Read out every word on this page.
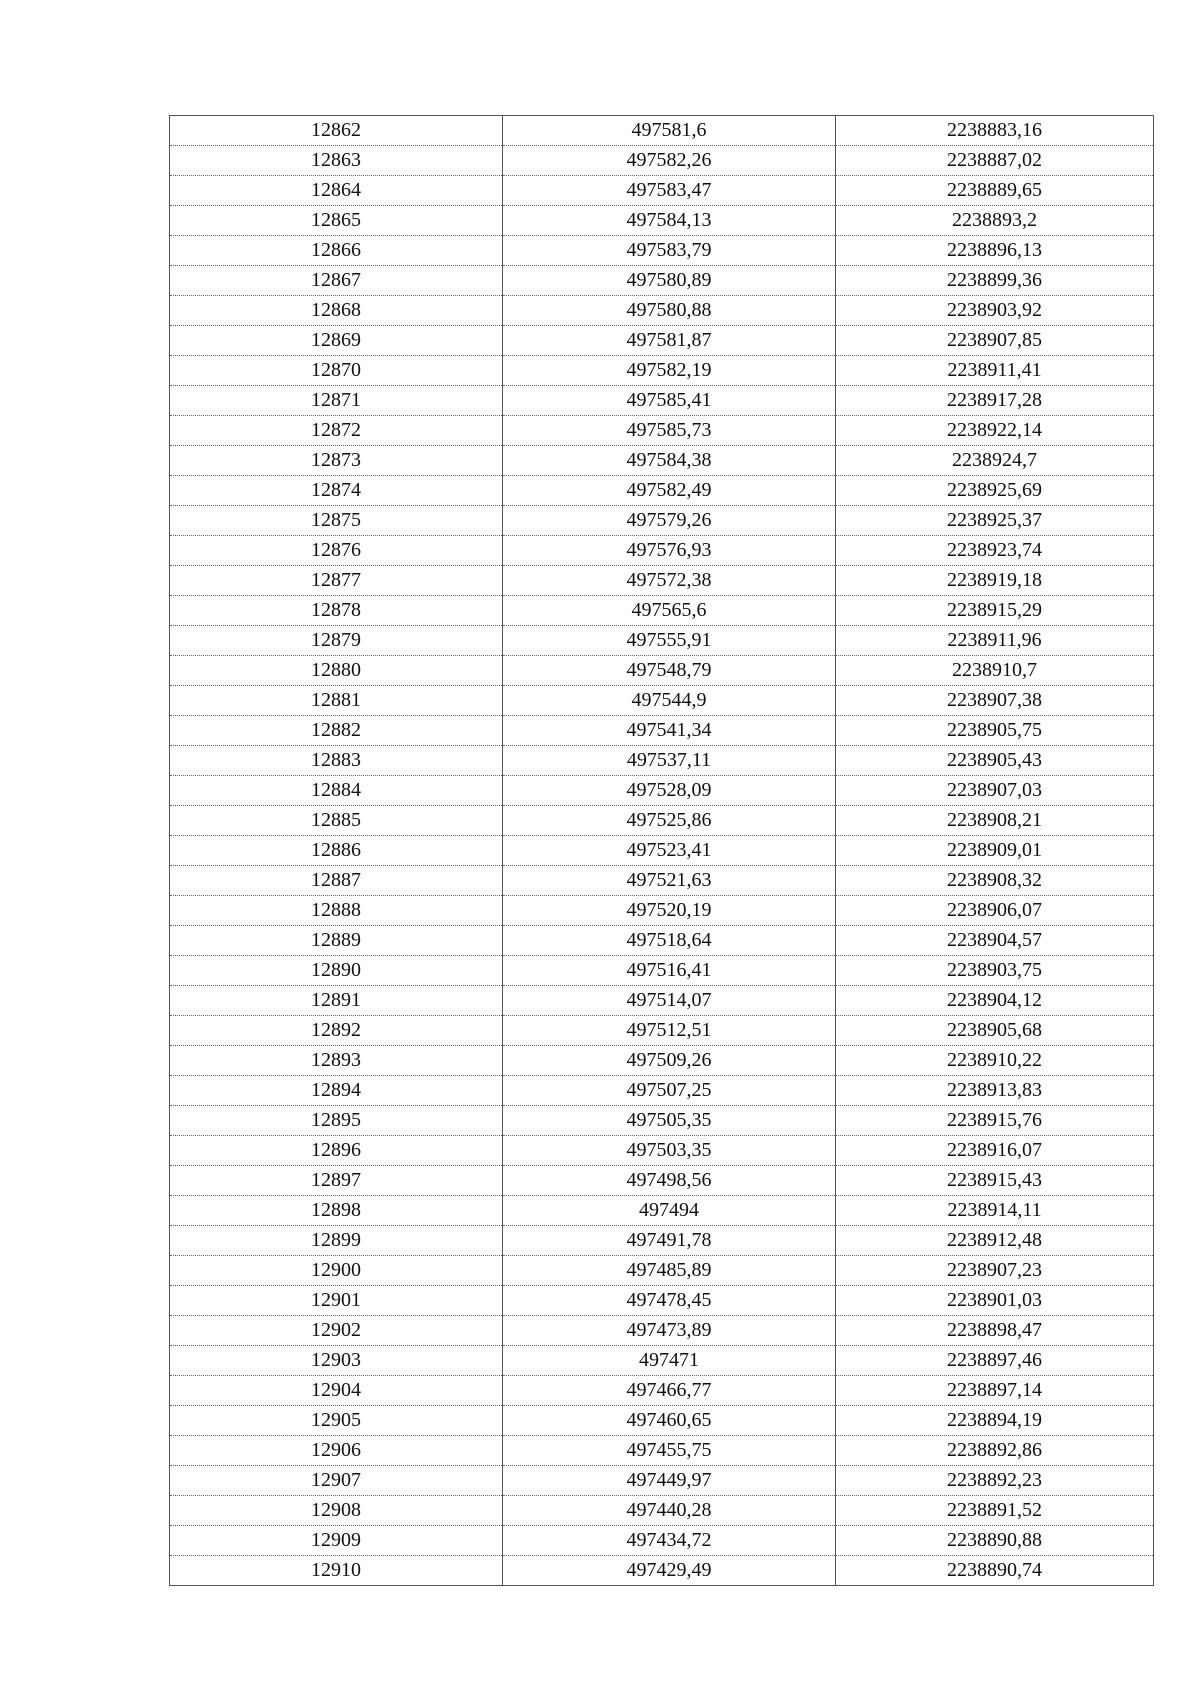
12862	497581,6	2238883,16
12863	497582,26	2238887,02
12864	497583,47	2238889,65
12865	497584,13	2238893,2
12866	497583,79	2238896,13
12867	497580,89	2238899,36
12868	497580,88	2238903,92
12869	497581,87	2238907,85
12870	497582,19	2238911,41
12871	497585,41	2238917,28
12872	497585,73	2238922,14
12873	497584,38	2238924,7
12874	497582,49	2238925,69
12875	497579,26	2238925,37
12876	497576,93	2238923,74
12877	497572,38	2238919,18
12878	497565,6	2238915,29
12879	497555,91	2238911,96
12880	497548,79	2238910,7
12881	497544,9	2238907,38
12882	497541,34	2238905,75
12883	497537,11	2238905,43
12884	497528,09	2238907,03
12885	497525,86	2238908,21
12886	497523,41	2238909,01
12887	497521,63	2238908,32
12888	497520,19	2238906,07
12889	497518,64	2238904,57
12890	497516,41	2238903,75
12891	497514,07	2238904,12
12892	497512,51	2238905,68
12893	497509,26	2238910,22
12894	497507,25	2238913,83
12895	497505,35	2238915,76
12896	497503,35	2238916,07
12897	497498,56	2238915,43
12898	497494	2238914,11
12899	497491,78	2238912,48
12900	497485,89	2238907,23
12901	497478,45	2238901,03
12902	497473,89	2238898,47
12903	497471	2238897,46
12904	497466,77	2238897,14
12905	497460,65	2238894,19
12906	497455,75	2238892,86
12907	497449,97	2238892,23
12908	497440,28	2238891,52
12909	497434,72	2238890,88
12910	497429,49	2238890,74
